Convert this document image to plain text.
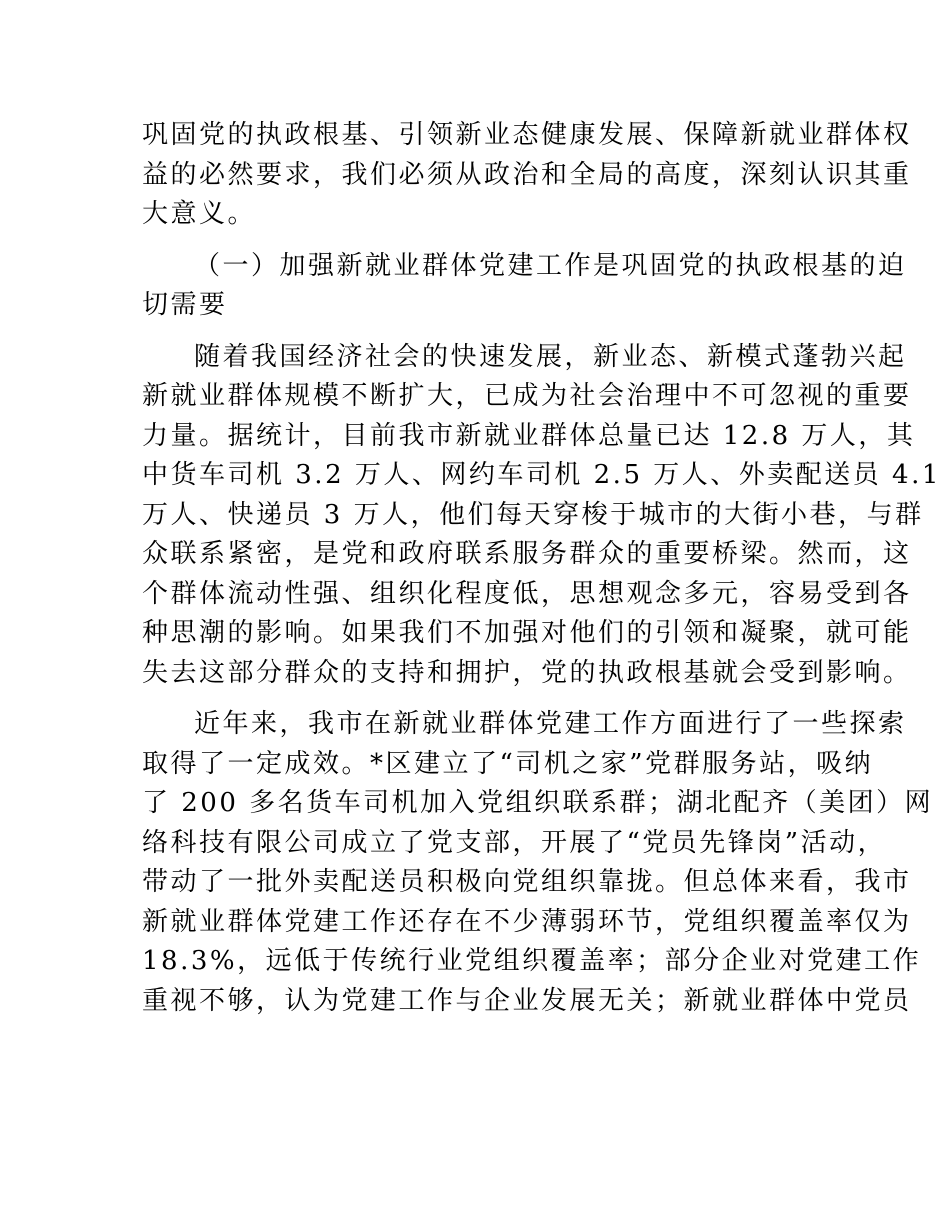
巩固党的执政根基、引领新业态健康发展、保障新就业群体权
益的必然要求，我们必须从政治和全局的高度，深刻认识其重
大意义。

（一）加强新就业群体党建工作是巩固党的执政根基的迫
切需要

随着我国经济社会的快速发展，新业态、新模式蓬勃兴起
新就业群体规模不断扩大，已成为社会治理中不可忽视的重要
力量。据统计，目前我市新就业群体总量已达 12.8 万人，其
中货车司机 3.2 万人、网约车司机 2.5 万人、外卖配送员 4.1
万人、快递员 3 万人，他们每天穿梭于城市的大街小巷，与群
众联系紧密，是党和政府联系服务群众的重要桥梁。然而，这
个群体流动性强、组织化程度低，思想观念多元，容易受到各
种思潮的影响。如果我们不加强对他们的引领和凝聚，就可能
失去这部分群众的支持和拥护，党的执政根基就会受到影响。

近年来，我市在新就业群体党建工作方面进行了一些探索
取得了一定成效。*区建立了“司机之家”党群服务站，吸纳
了 200 多名货车司机加入党组织联系群；湖北配齐（美团）网
络科技有限公司成立了党支部，开展了“党员先锋岗”活动，
带动了一批外卖配送员积极向党组织靠拢。但总体来看，我市
新就业群体党建工作还存在不少薄弱环节，党组织覆盖率仅为
18.3%，远低于传统行业党组织覆盖率；部分企业对党建工作
重视不够，认为党建工作与企业发展无关；新就业群体中党员
